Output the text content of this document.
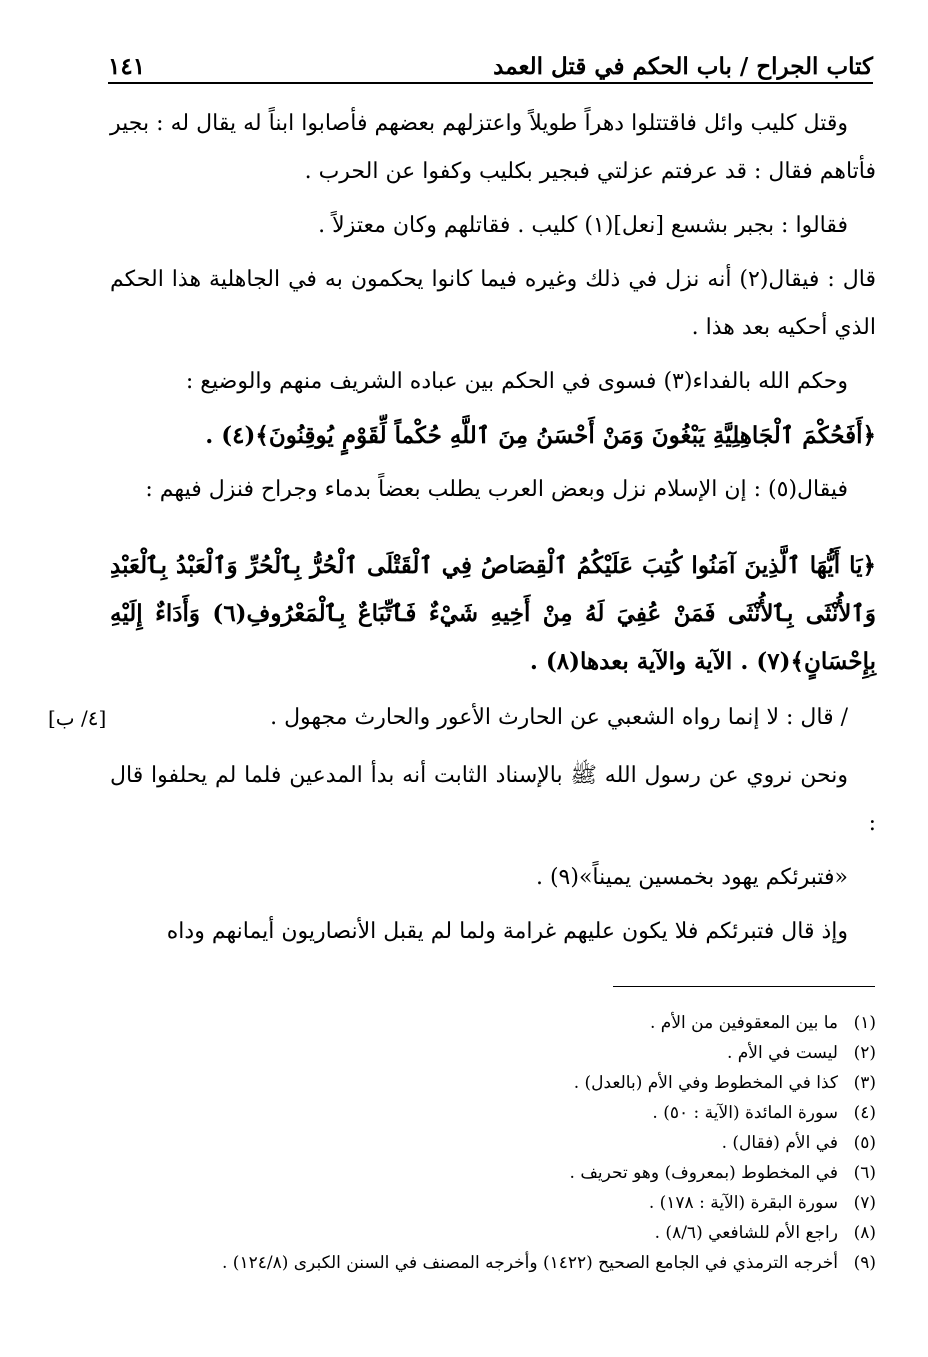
كتاب الجراح / باب الحكم في قتل العمد
١٤١

وقتل كليب وائل فاقتتلوا دهراً طويلاً واعتزلهم بعضهم فأصابوا ابناً له يقال له : بجير فأتاهم فقال : قد عرفتم عزلتي فبجير بكليب وكفوا عن الحرب .

فقالوا : بجبر بشسع [نعل](١) كليب . فقاتلهم وكان معتزلاً .

قال : فيقال(٢) أنه نزل في ذلك وغيره فيما كانوا يحكمون به في الجاهلية هذا الحكم الذي أحكيه بعد هذا .

وحكم الله بالفداء(٣) فسوى في الحكم بين عباده الشريف منهم والوضيع :

﴿أَفَحُكْمَ ٱلْجَاهِلِيَّةِ يَبْغُونَ وَمَنْ أَحْسَنُ مِنَ ٱللَّهِ حُكْماً لِّقَوْمٍ يُوقِنُونَ﴾(٤) .

فيقال(٥) : إن الإسلام نزل وبعض العرب يطلب بعضاً بدماء وجراح فنزل فيهم :

﴿يَا أَيُّهَا ٱلَّذِينَ آمَنُوا كُتِبَ عَلَيْكُمُ ٱلْقِصَاصُ فِي ٱلْقَتْلَى ٱلْحُرُّ بِٱلْحُرِّ وَٱلْعَبْدُ بِٱلْعَبْدِ وَٱلأُنْثَى بِٱلأُنْثَى فَمَنْ عُفِيَ لَهُ مِنْ أَخِيهِ شَيْءٌ فَٱتِّبَاعٌ بِٱلْمَعْرُوفِ(٦) وَأَدَاءٌ إِلَيْهِ بِإِحْسَانٍ﴾(٧) . الآية والآية بعدها(٨) .

/ قال : لا إنما رواه الشعبي عن الحارث الأعور والحارث مجهول .

ونحن نروي عن رسول الله ﷺ بالإسناد الثابت أنه بدأ المدعين فلما لم يحلفوا قال :

«فتبرئكم يهود بخمسين يميناً»(٩) .

وإذ قال فتبرئكم فلا يكون عليهم غرامة ولما لم يقبل الأنصاريون أيمانهم وداه

[٤/ ب]
(١)
ما بين المعقوفين من الأم .
(٢)
ليست في الأم .
(٣)
كذا في المخطوط وفي الأم (بالعدل) .
(٤)
سورة المائدة (الآية : ٥٠) .
(٥)
في الأم (فقال) .
(٦)
في المخطوط (بمعروف) وهو تحريف .
(٧)
سورة البقرة (الآية : ١٧٨) .
(٨)
راجع الأم للشافعي (٨/٦) .
(٩)
أخرجه الترمذي في الجامع الصحيح (١٤٢٢) وأخرجه المصنف في السنن الكبرى (١٢٤/٨) .
